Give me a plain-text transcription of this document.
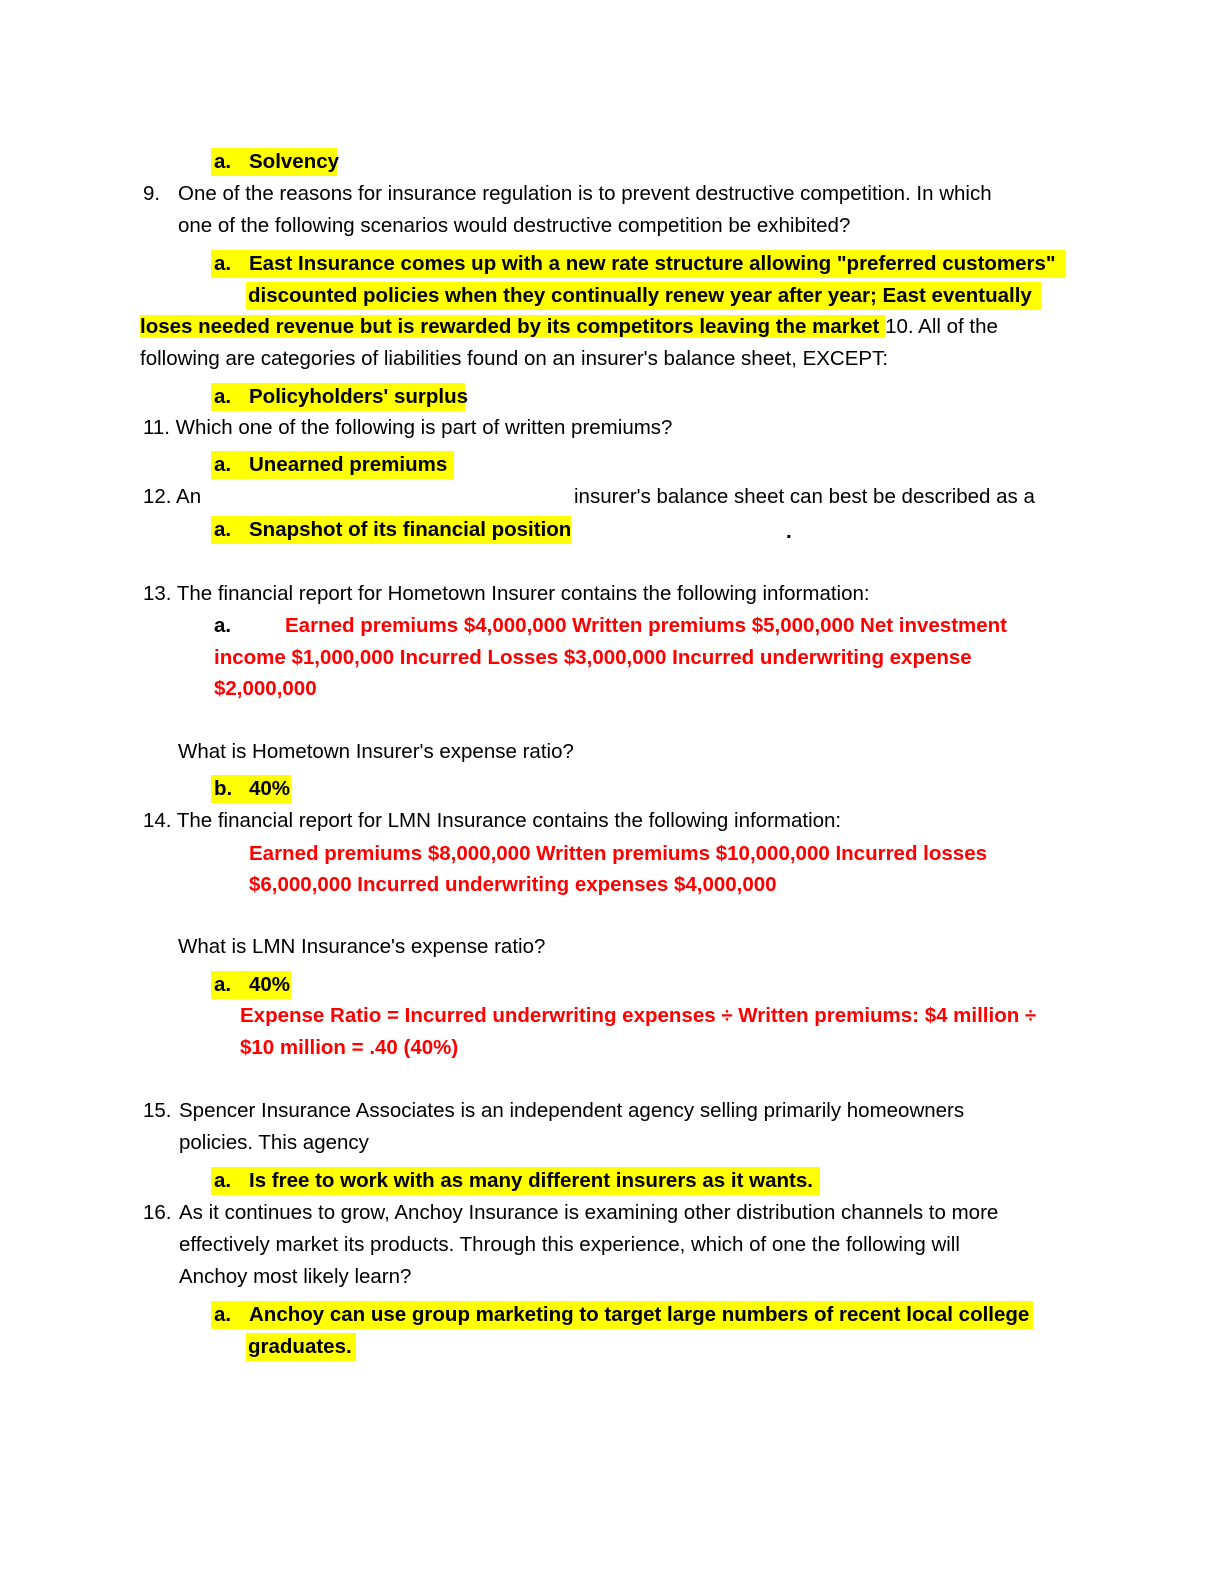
a. Solvency
9. One of the reasons for insurance regulation is to prevent destructive competition. In which
one of the following scenarios would destructive competition be exhibited?
a. East Insurance comes up with a new rate structure allowing "preferred customers"
discounted policies when they continually renew year after year; East eventually
loses needed revenue but is rewarded by its competitors leaving the market 10. All of the
following are categories of liabilities found on an insurer's balance sheet, EXCEPT:
a. Policyholders' surplus
11. Which one of the following is part of written premiums?
a. Unearned premiums
12. An	insurer's balance sheet can best be described as a
a. Snapshot of its financial position	.
13. The financial report for Hometown Insurer contains the following information:
a.	Earned premiums $4,000,000 Written premiums $5,000,000 Net investment
income $1,000,000 Incurred Losses $3,000,000 Incurred underwriting expense
$2,000,000
What is Hometown Insurer's expense ratio?
b. 40%
14. The financial report for LMN Insurance contains the following information:
Earned premiums $8,000,000 Written premiums $10,000,000 Incurred losses
$6,000,000 Incurred underwriting expenses $4,000,000
What is LMN Insurance's expense ratio?
a. 40%
Expense Ratio = Incurred underwriting expenses ÷ Written premiums: $4 million ÷
$10 million = .40 (40%)
15. Spencer Insurance Associates is an independent agency selling primarily homeowners
policies. This agency
a. Is free to work with as many different insurers as it wants.
16. As it continues to grow, Anchoy Insurance is examining other distribution channels to more
effectively market its products. Through this experience, which of one the following will
Anchoy most likely learn?
a. Anchoy can use group marketing to target large numbers of recent local college
graduates.
